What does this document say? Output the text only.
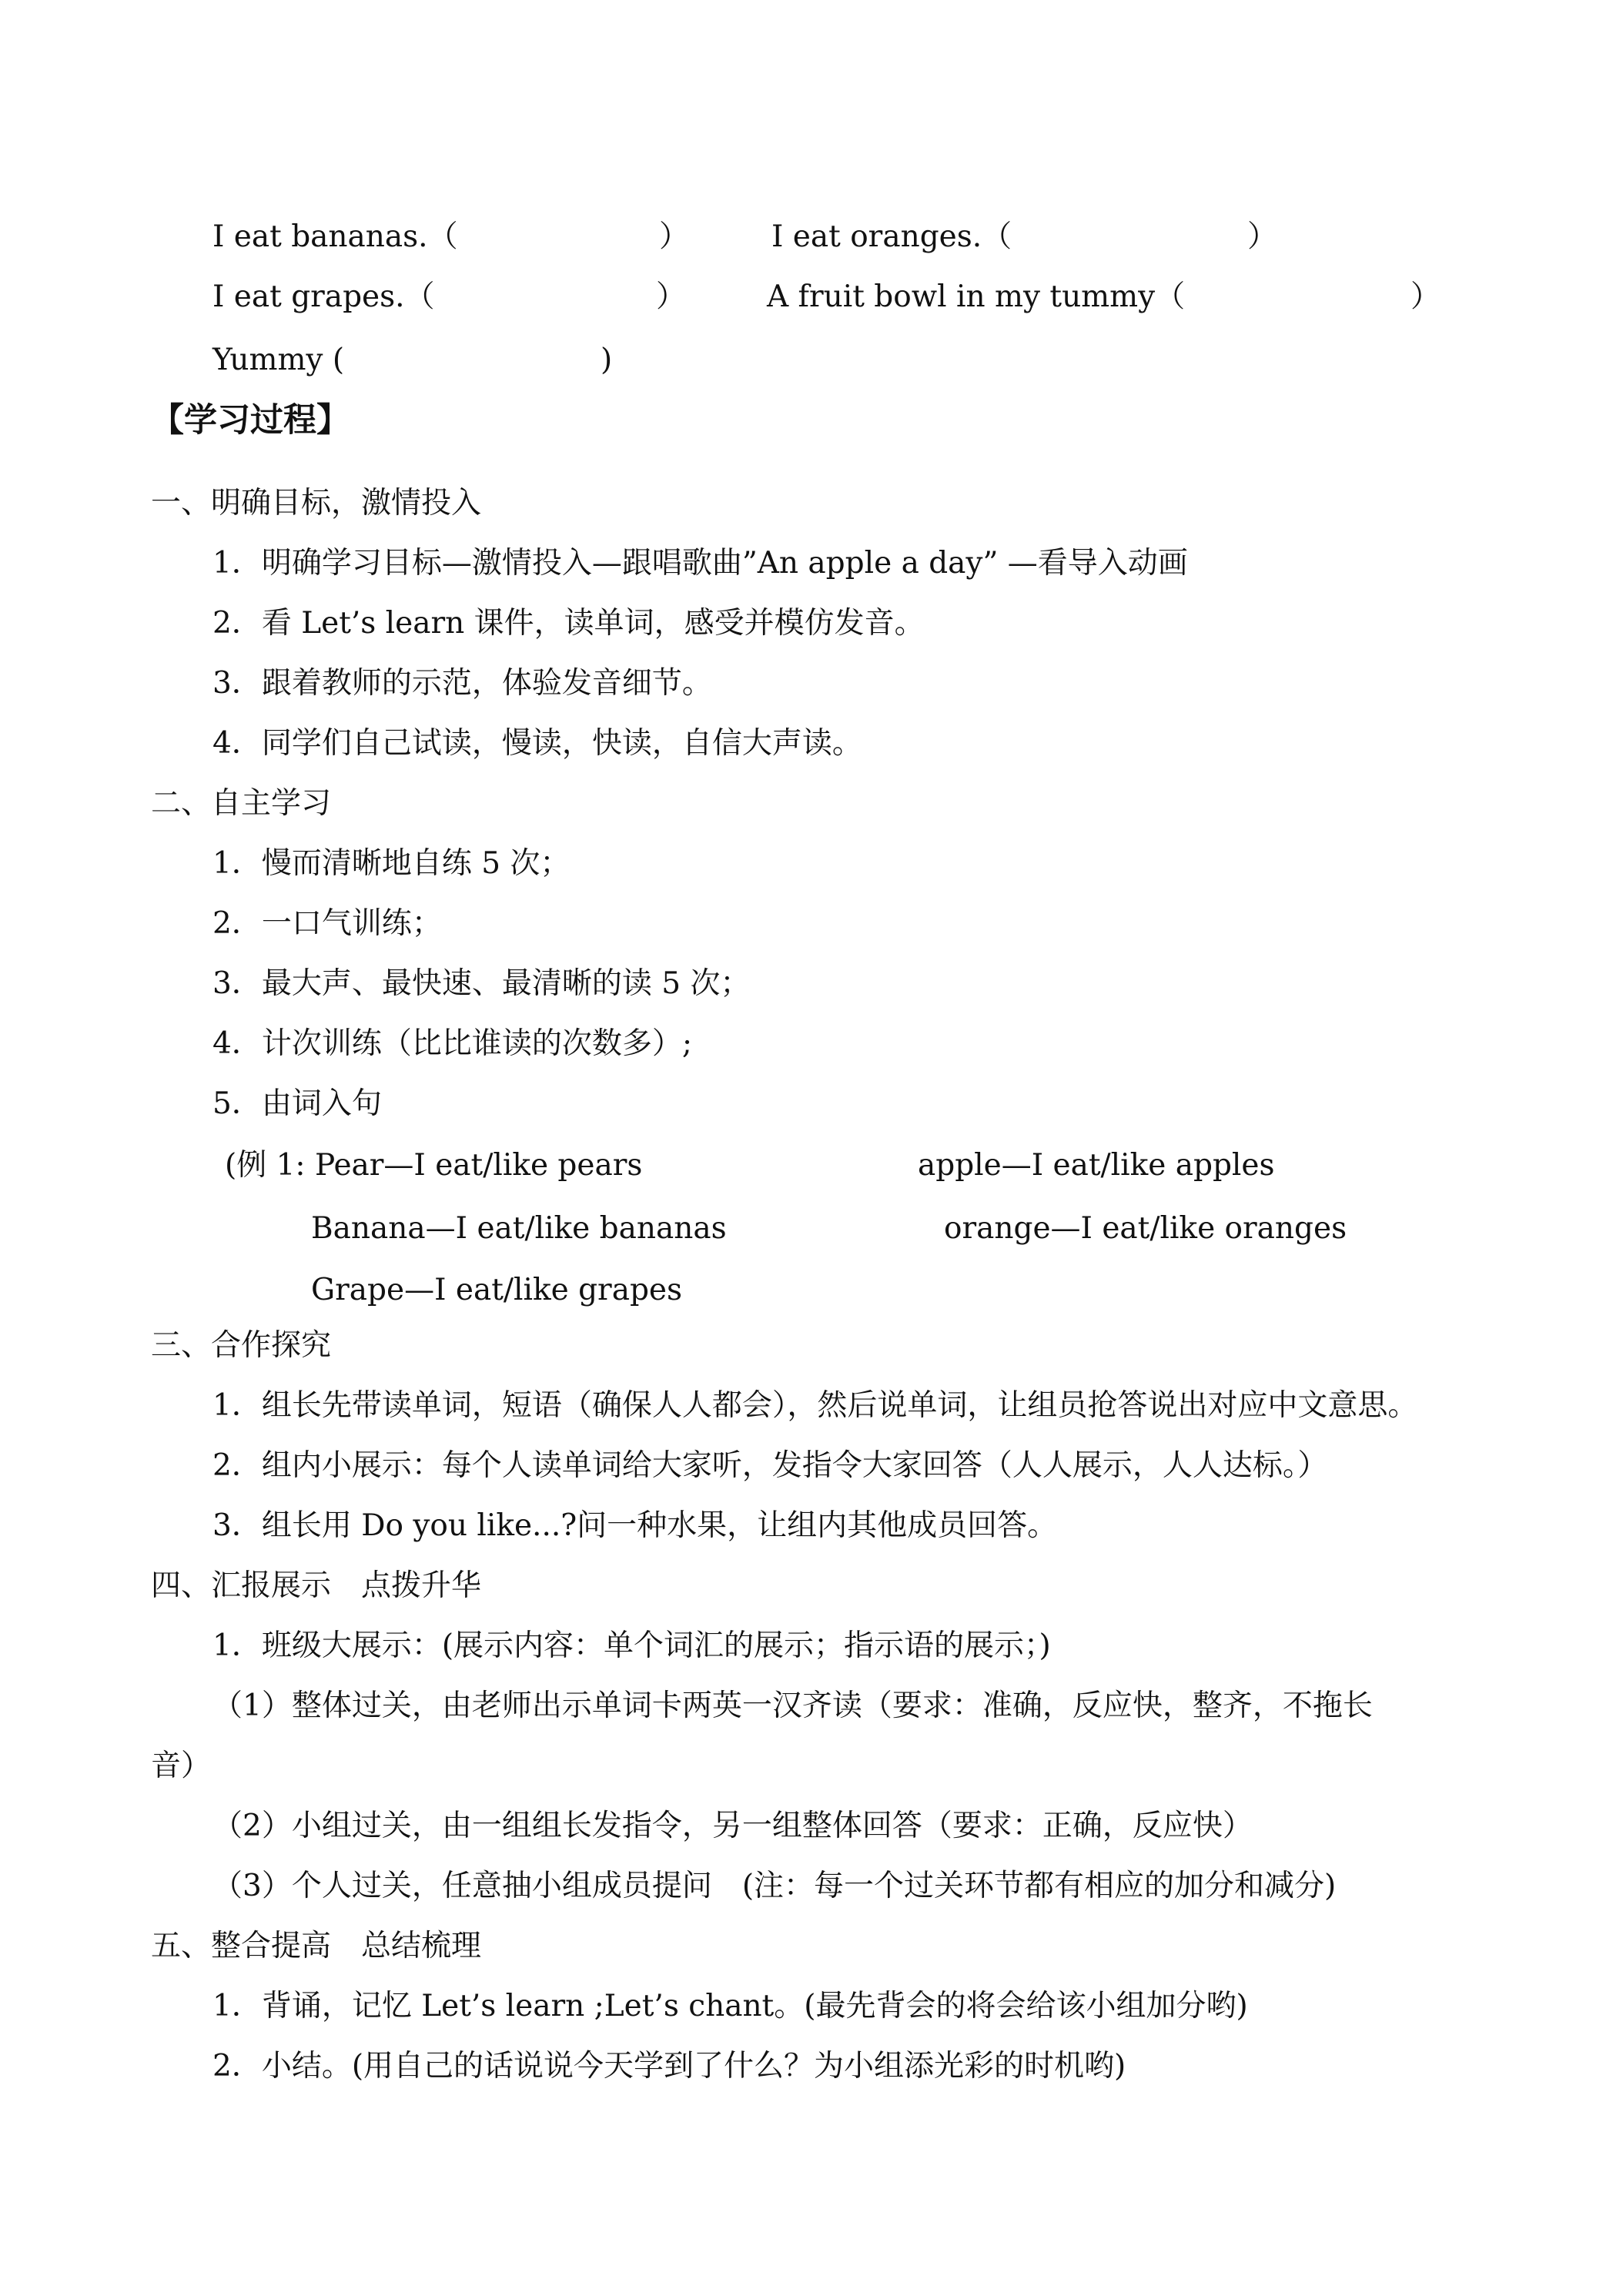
I eat bananas.（	）	I eat oranges.（	）
I eat grapes.（	）	A fruit bowl in my tummy（	）
Yummy (	)
【学习过程】
一、明确目标，激情投入
1．明确学习目标—激情投入—跟唱歌曲”An apple a day” —看导入动画
2．看 Let’s learn 课件，读单词，感受并模仿发音。
3．跟着教师的示范，体验发音细节。
4．同学们自己试读，慢读，快读，自信大声读。
二、自主学习
1．慢而清晰地自练 5 次；
2．一口气训练；
3．最大声、最快速、最清晰的读 5 次；
4．计次训练（比比谁读的次数多）;
5．由词入句
(例 1: Pear—I eat/like pears	apple—I eat/like apples
Banana—I eat/like bananas	orange—I eat/like oranges
Grape—I eat/like grapes
三、合作探究
1．组长先带读单词，短语（确保人人都会），然后说单词，让组员抢答说出对应中文意思。
2．组内小展示：每个人读单词给大家听，发指令大家回答（人人展示，人人达标。）
3．组长用 Do you like...?问一种水果，让组内其他成员回答。
四、汇报展示　点拨升华
1．班级大展示：(展示内容：单个词汇的展示；指示语的展示；)
（1）整体过关，由老师出示单词卡两英一汉齐读（要求：准确，反应快，整齐，不拖长
音）
（2）小组过关，由一组组长发指令，另一组整体回答（要求：正确，反应快）
（3）个人过关，任意抽小组成员提问　(注：每一个过关环节都有相应的加分和减分)
五、整合提高　总结梳理
1．背诵，记忆 Let’s learn ;Let’s chant。(最先背会的将会给该小组加分哟)
2．小结。(用自己的话说说今天学到了什么？为小组添光彩的时机哟)
